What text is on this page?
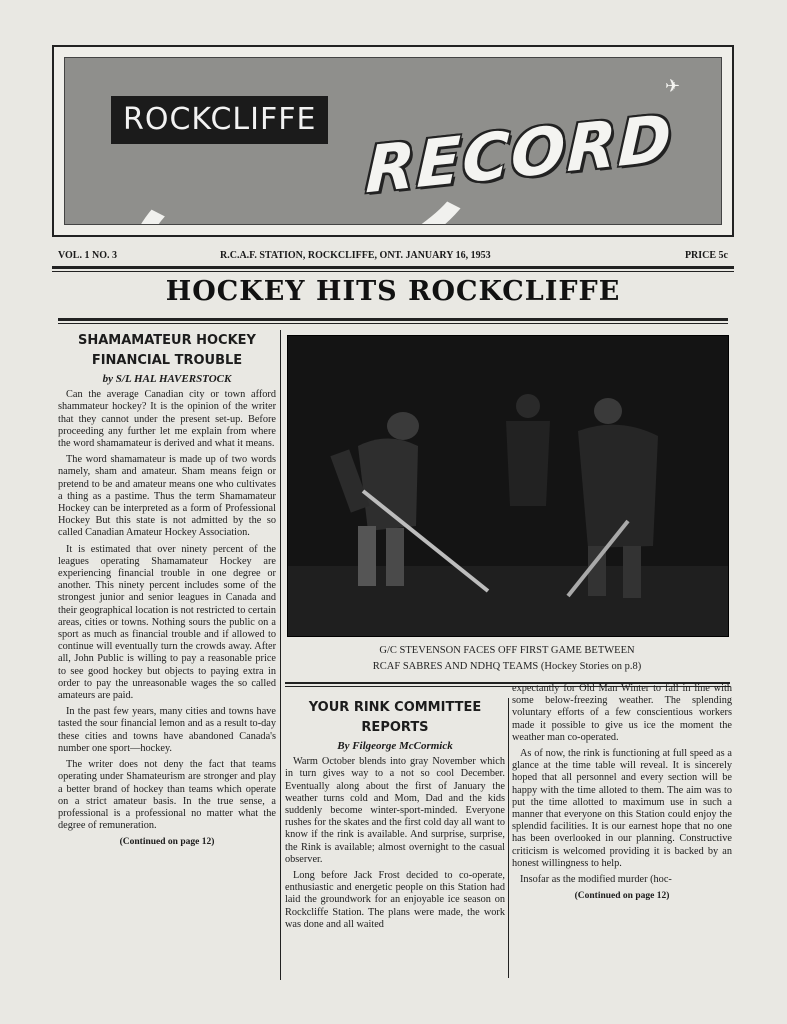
✈
ROCKCLIFFE RECORD
VOL. 1 NO. 3	R.C.A.F. STATION, ROCKCLIFFE, ONT. JANUARY 16, 1953	PRICE 5c
HOCKEY HITS ROCKCLIFFE

SHAMAMATEUR HOCKEY

FINANCIAL TROUBLE

by S/L HAL HAVERSTOCK

Can the average Canadian city or town afford shammateur hockey? It is the opinion of the writer that they cannot under the present set-up. Before proceeding any further let me explain from where the word shamamateur is derived and what it means.

The word shamamateur is made up of two words namely, sham and amateur. Sham means feign or pretend to be and amateur means one who cultivates a thing as a pastime. Thus the term Shamamateur Hockey can be interpreted as a form of Professional Hockey But this state is not admitted by the so called Canadian Amateur Hockey Association.

It is estimated that over ninety percent of the leagues operating Shamamateur Hockey are experiencing financial trouble in one degree or another. This ninety percent includes some of the strongest junior and senior leagues in Canada and their geographical location is not restricted to certain areas, cities or towns. Nothing sours the public on a sport as much as financial trouble and if allowed to continue will eventually turn the crowds away. After all, John Public is willing to pay a reasonable price to see good hockey but objects to paying extra in order to pay the unreasonable wages the so called amateurs are paid.

In the past few years, many cities and towns have tasted the sour financial lemon and as a result to-day these cities and towns have abandoned Canada's number one sport—hockey.

The writer does not deny the fact that teams operating under Shamateurism are stronger and play a better brand of hockey than teams which operate on a strict amateur basis. In the true sense, a professional is a professional no matter what the degree of remuneration.

(Continued on page 12)
G/C STEVENSON FACES OFF FIRST GAME BETWEEN
RCAF SABRES AND NDHQ TEAMS (Hockey Stories on p.8)

YOUR RINK COMMITTEE

REPORTS

By Filgeorge McCormick

Warm October blends into gray November which in turn gives way to a not so cool December. Eventually along about the first of January the weather turns cold and Mom, Dad and the kids suddenly become winter-sport-minded. Everyone rushes for the skates and the first cold day all want to know if the rink is available. And surprise, surprise, the Rink is available; almost overnight to the casual observer.

Long before Jack Frost decided to co-operate, enthusiastic and energetic people on this Station had laid the groundwork for an enjoyable ice season on Rockcliffe Station. The plans were made, the work was done and all waited

expectantly for Old Man Winter to fall in line with some below-freezing weather. The splending voluntary efforts of a few conscientious workers made it possible to give us ice the moment the weather man co-operated.

As of now, the rink is functioning at full speed as a glance at the time table will reveal. It is sincerely hoped that all personnel and every section will be happy with the time alloted to them. The aim was to put the time allotted to maximum use in such a manner that everyone on this Station could enjoy the splendid facilities. It is our earnest hope that no one has been overlooked in our planning. Constructive criticism is welcomed providing it is backed by an honest willingness to help.

Insofar as the modified murder (hoc-

(Continued on page 12)
